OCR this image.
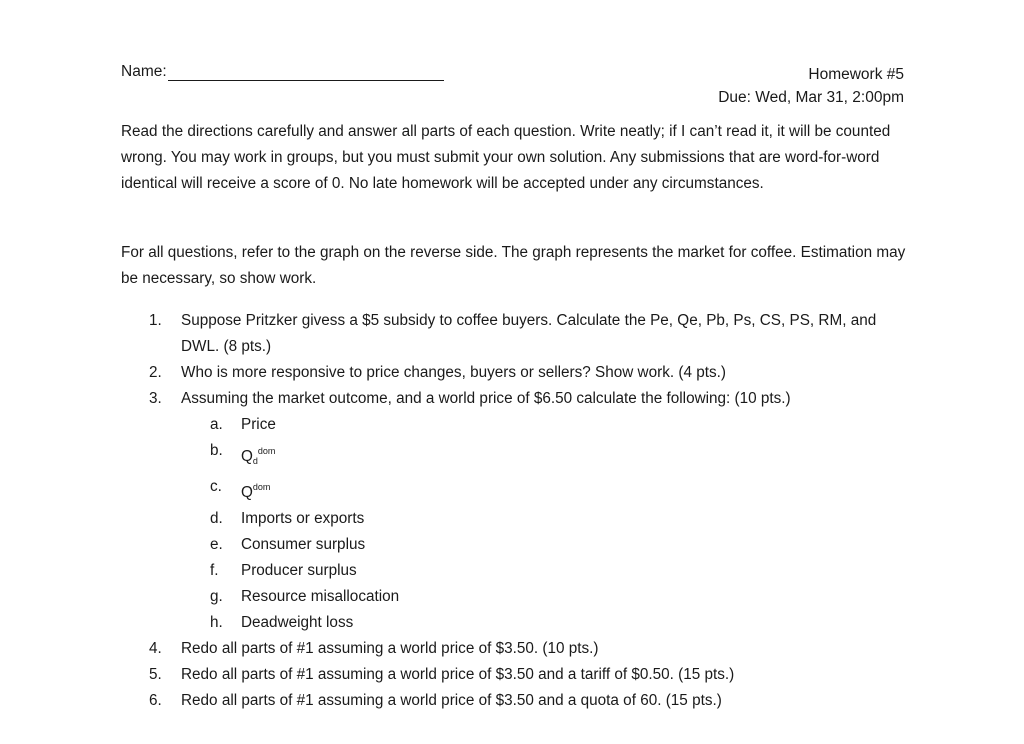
Name:	Homework #5
Due: Wed, Mar 31, 2:00pm
Read the directions carefully and answer all parts of each question. Write neatly; if I can’t read it, it will be counted wrong. You may work in groups, but you must submit your own solution. Any submissions that are word-for-word identical will receive a score of 0. No late homework will be accepted under any circumstances.
For all questions, refer to the graph on the reverse side. The graph represents the market for coffee. Estimation may be necessary, so show work.
1.	Suppose Pritzker givess a $5 subsidy to coffee buyers. Calculate the Pe, Qe, Pb, Ps, CS, PS, RM, and DWL. (8 pts.)
2.	Who is more responsive to price changes, buyers or sellers? Show work. (4 pts.)
3.	Assuming the market outcome, and a world price of $6.50 calculate the following: (10 pts.)
a.	Price
b.	$Qd^{dom}$
c.	$Q^{dom}$
d.	Imports or exports
e.	Consumer surplus
f.	Producer surplus
g.	Resource misallocation
h.	Deadweight loss
4.	Redo all parts of #1 assuming a world price of $3.50. (10 pts.)
5.	Redo all parts of #1 assuming a world price of $3.50 and a tariff of $0.50. (15 pts.)
6.	Redo all parts of #1 assuming a world price of $3.50 and a quota of 60. (15 pts.)
